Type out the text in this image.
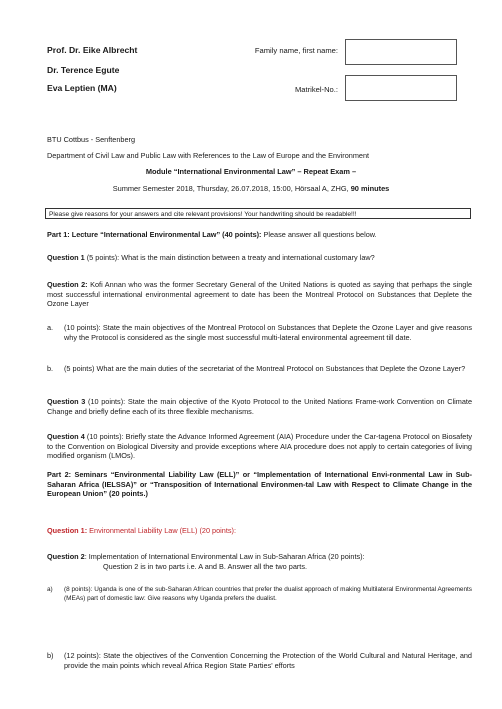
Prof. Dr. Eike Albrecht
Dr. Terence Egute
Eva Leptien (MA)
Family name, first name:
Matrikel-No.:
BTU Cottbus - Senftenberg
Department of Civil Law and Public Law with References to the Law of Europe and the Environment
Module “International Environmental Law” – Repeat Exam –
Summer Semester 2018, Thursday, 26.07.2018, 15:00, Hörsaal A, ZHG, 90 minutes
Please give reasons for your answers and cite relevant provisions! Your handwriting should be readable!!!
Part 1: Lecture “International Environmental Law” (40 points): Please answer all questions below.
Question 1 (5 points): What is the main distinction between a treaty and international customary law?
Question 2: Kofi Annan who was the former Secretary General of the United Nations is quoted as saying that perhaps the single most successful international environmental agreement to date has been the Montreal Protocol on Substances that Deplete the Ozone Layer
a. (10 points): State the main objectives of the Montreal Protocol on Substances that Deplete the Ozone Layer and give reasons why the Protocol is considered as the single most successful multi-lateral environmental agreement till date.
b. (5 points) What are the main duties of the secretariat of the Montreal Protocol on Substances that Deplete the Ozone Layer?
Question 3 (10 points): State the main objective of the Kyoto Protocol to the United Nations Frame-work Convention on Climate Change and briefly define each of its three flexible mechanisms.
Question 4 (10 points): Briefly state the Advance Informed Agreement (AIA) Procedure under the Car-tagena Protocol on Biosafety to the Convention on Biological Diversity and provide exceptions where AIA procedure does not apply to certain categories of living modified organism (LMOs).
Part 2: Seminars “Environmental Liability Law (ELL)” or “Implementation of International Envi-ronmental Law in Sub-Saharan Africa (IELSSA)” or “Transposition of International Environmen-tal Law with Respect to Climate Change in the European Union” (20 points.)
Question 1: Environmental Liability Law (ELL) (20 points):
Question 2: Implementation of International Environmental Law in Sub-Saharan Africa (20 points):
Question 2 is in two parts i.e. A and B. Answer all the two parts.
a) (8 points): Uganda is one of the sub-Saharan African countries that prefer the dualist approach of making Multilateral Environmental Agreements (MEAs) part of domestic law: Give reasons why Uganda prefers the dualist.
b) (12 points): State the objectives of the Convention Concerning the Protection of the World Cultural and Natural Heritage, and provide the main points which reveal Africa Region State Parties' efforts
